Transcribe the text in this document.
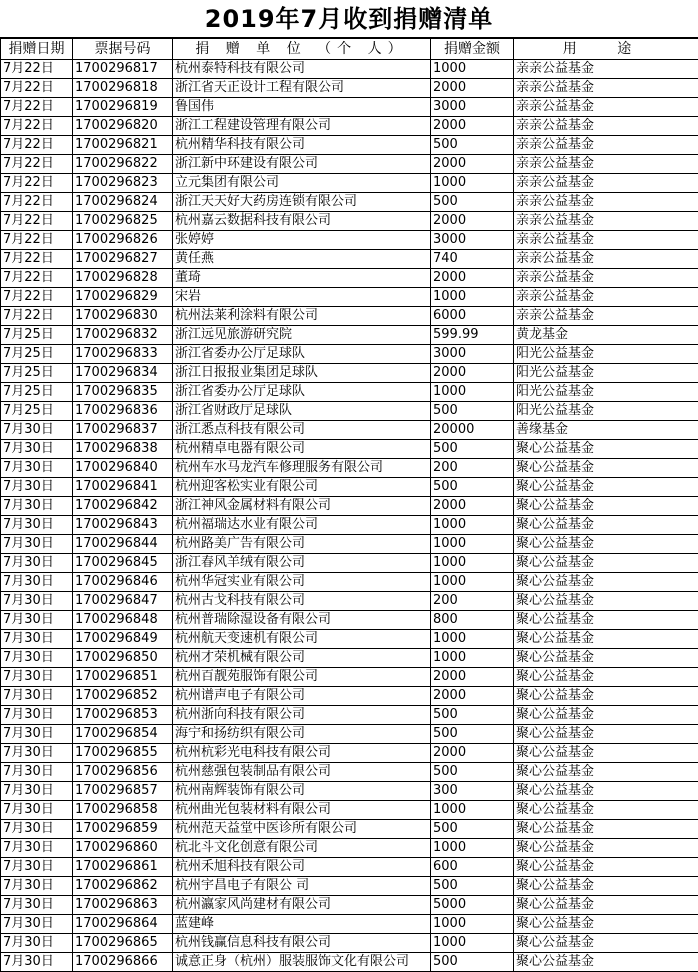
2019年7月收到捐赠清单
捐赠日期	票据号码	捐 赠 单 位 （个 人）	捐赠金额	用 途
7月22日	1700296817	杭州泰特科技有限公司	1000	亲亲公益基金
7月22日	1700296818	浙江省天正设计工程有限公司	2000	亲亲公益基金
7月22日	1700296819	鲁国伟	3000	亲亲公益基金
7月22日	1700296820	浙江工程建设管理有限公司	2000	亲亲公益基金
7月22日	1700296821	杭州精华科技有限公司	500	亲亲公益基金
7月22日	1700296822	浙江新中环建设有限公司	2000	亲亲公益基金
7月22日	1700296823	立元集团有限公司	1000	亲亲公益基金
7月22日	1700296824	浙江天天好大药房连锁有限公司	500	亲亲公益基金
7月22日	1700296825	杭州嘉云数据科技有限公司	2000	亲亲公益基金
7月22日	1700296826	张婷婷	3000	亲亲公益基金
7月22日	1700296827	黄任燕	740	亲亲公益基金
7月22日	1700296828	董琦	2000	亲亲公益基金
7月22日	1700296829	宋岩	1000	亲亲公益基金
7月22日	1700296830	杭州法莱利涂料有限公司	6000	亲亲公益基金
7月25日	1700296832	浙江远见旅游研究院	599.99	黄龙基金
7月25日	1700296833	浙江省委办公厅足球队	3000	阳光公益基金
7月25日	1700296834	浙江日报报业集团足球队	2000	阳光公益基金
7月25日	1700296835	浙江省委办公厅足球队	1000	阳光公益基金
7月25日	1700296836	浙江省财政厅足球队	500	阳光公益基金
7月30日	1700296837	浙江悉点科技有限公司	20000	善缘基金
7月30日	1700296838	杭州精卓电器有限公司	500	聚心公益基金
7月30日	1700296840	杭州车水马龙汽车修理服务有限公司	200	聚心公益基金
7月30日	1700296841	杭州迎客松实业有限公司	500	聚心公益基金
7月30日	1700296842	浙江神风金属材料有限公司	2000	聚心公益基金
7月30日	1700296843	杭州福瑞达水业有限公司	1000	聚心公益基金
7月30日	1700296844	杭州路美广告有限公司	1000	聚心公益基金
7月30日	1700296845	浙江春风羊绒有限公司	1000	聚心公益基金
7月30日	1700296846	杭州华冠实业有限公司	1000	聚心公益基金
7月30日	1700296847	杭州古戈科技有限公司	200	聚心公益基金
7月30日	1700296848	杭州普瑞除湿设备有限公司	800	聚心公益基金
7月30日	1700296849	杭州航天变速机有限公司	1000	聚心公益基金
7月30日	1700296850	杭州才荣机械有限公司	1000	聚心公益基金
7月30日	1700296851	杭州百靓苑服饰有限公司	2000	聚心公益基金
7月30日	1700296852	杭州谱声电子有限公司	2000	聚心公益基金
7月30日	1700296853	杭州浙向科技有限公司	500	聚心公益基金
7月30日	1700296854	海宁和扬纺织有限公司	500	聚心公益基金
7月30日	1700296855	杭州杭彩光电科技有限公司	2000	聚心公益基金
7月30日	1700296856	杭州慈强包装制品有限公司	500	聚心公益基金
7月30日	1700296857	杭州南辉装饰有限公司	300	聚心公益基金
7月30日	1700296858	杭州曲光包装材料有限公司	1000	聚心公益基金
7月30日	1700296859	杭州范天益堂中医诊所有限公司	500	聚心公益基金
7月30日	1700296860	杭北斗文化创意有限公司	1000	聚心公益基金
7月30日	1700296861	杭州禾旭科技有限公司	600	聚心公益基金
7月30日	1700296862	杭州宇昌电子有限公 司	500	聚心公益基金
7月30日	1700296863	杭州瀛家风尚建材有限公司	5000	聚心公益基金
7月30日	1700296864	蓝建峰	1000	聚心公益基金
7月30日	1700296865	杭州钱赢信息科技有限公司	1000	聚心公益基金
7月30日	1700296866	诚意正身（杭州）服装服饰文化有限公司	500	聚心公益基金
